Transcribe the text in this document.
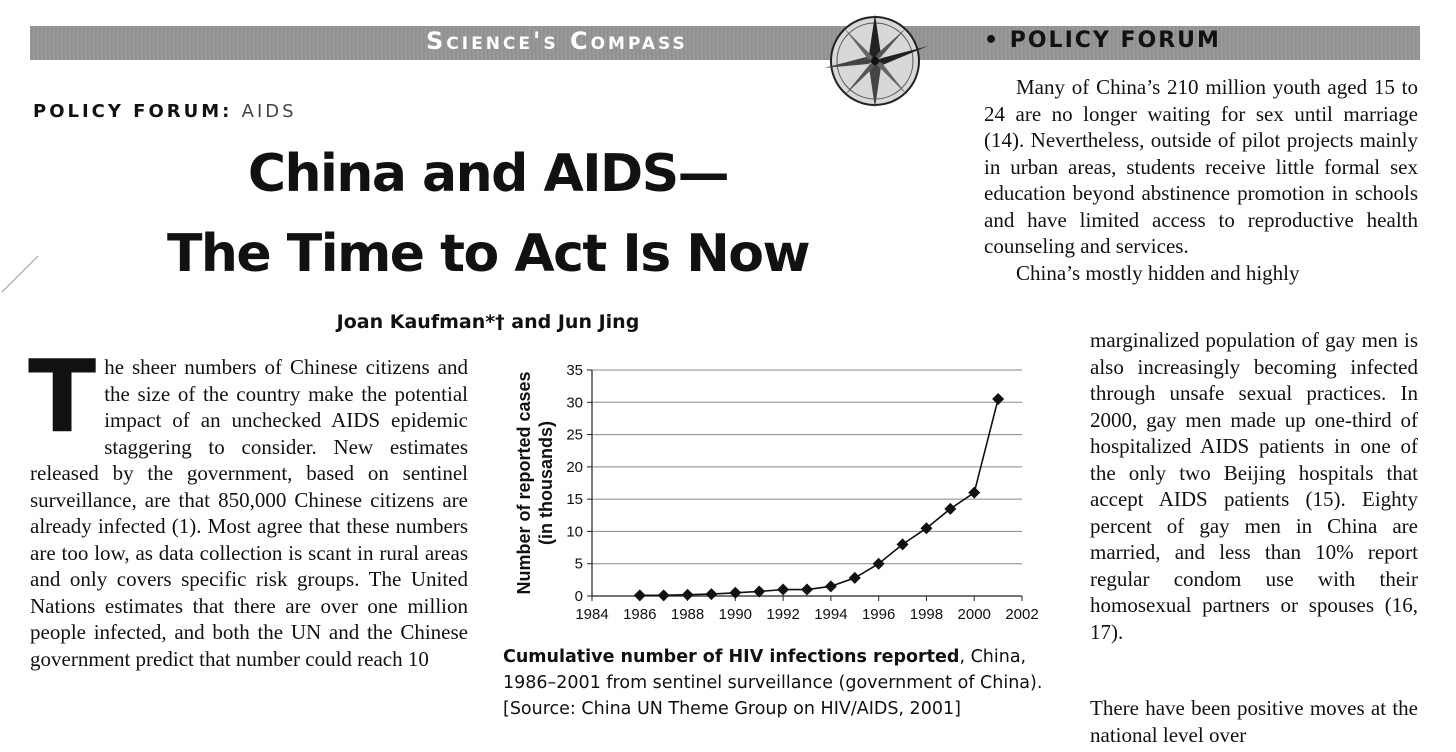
Science's Compass	• POLICY FORUM
POLICY FORUM: AIDS
China and AIDS—
The Time to Act Is Now
Joan Kaufman*† and Jun Jing
T he sheer numbers of Chinese citizens and the size of the country make the potential impact of an unchecked AIDS epidemic staggering to consider. New estimates released by the government, based on sentinel surveillance, are that 850,000 Chinese citizens are already infected (1). Most agree that these numbers are too low, as data collection is scant in rural areas and only covers specific risk groups. The United Nations estimates that there are over one million people infected, and both the UN and the Chinese government predict that number could reach 10

0
5
10
15
20
25
30
35
1984 1986 1988 1990 1992 1994 1996 1998 2000 2002
Number of reported cases (in thousands)
Cumulative number of HIV infections reported, China, 1986–2001 from sentinel surveillance (government of China). [Source: China UN Theme Group on HIV/AIDS, 2001]

Many of China’s 210 million youth aged 15 to 24 are no longer waiting for sex until marriage (14). Nevertheless, outside of pilot projects mainly in urban areas, students receive little formal sex education beyond abstinence promotion in schools and have limited access to reproductive health counseling and services.

China’s mostly hidden and highly

marginalized population of gay men is also increasingly becoming infected through unsafe sexual practices. In 2000, gay men made up one-third of hospitalized AIDS patients in one of the only two Beijing hospitals that accept AIDS patients (15). Eighty percent of gay men in China are married, and less than 10% report regular condom use with their homosexual partners or spouses (16, 17).

There have been positive moves at the national level over
